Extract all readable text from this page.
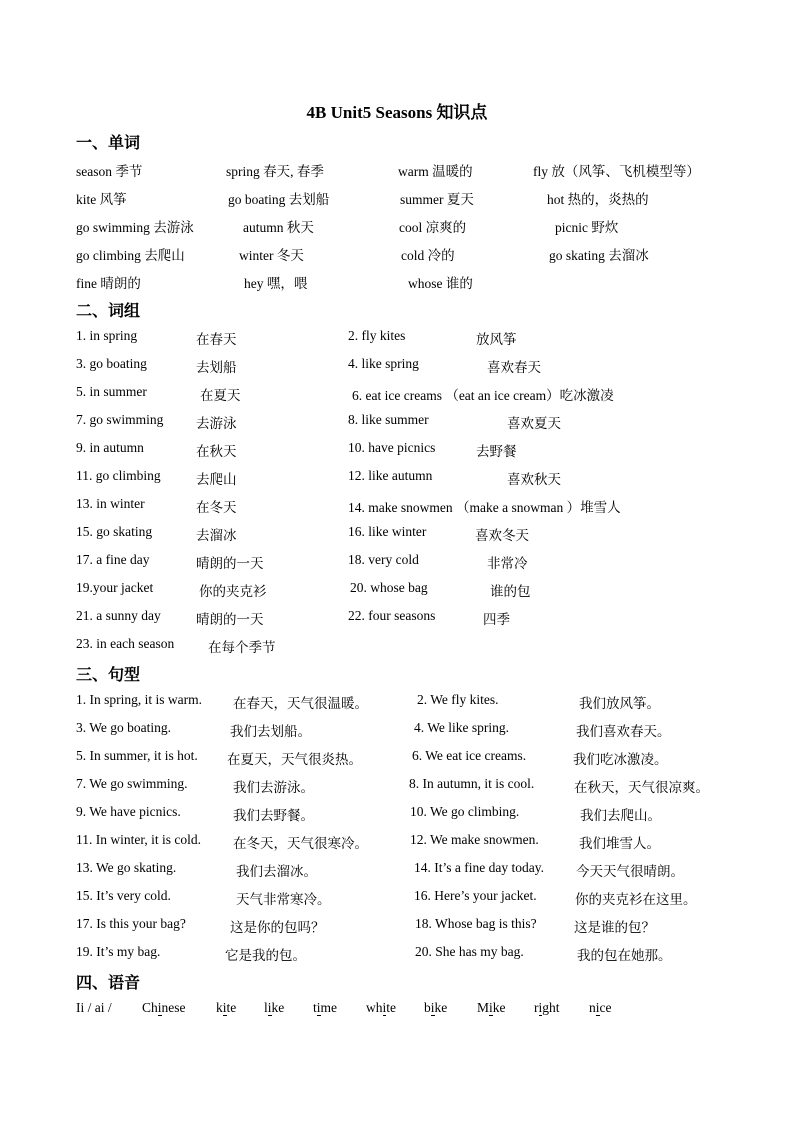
4B Unit5 Seasons 知识点
一、单词
season 季节	spring 春天, 春季	warm 温暖的	fly 放（风筝、飞机模型等）
kite 风筝	go boating 去划船	summer 夏天	hot 热的，炎热的
go swimming 去游泳	autumn 秋天	cool 凉爽的	picnic 野炊
go climbing 去爬山	winter 冬天	cold 冷的	go skating 去溜冰
fine 晴朗的	hey 嘿，喂	whose 谁的
二、词组
1. in spring	在春天	2. fly kites	放风筝
3. go boating	去划船	4. like spring	喜欢春天
5. in summer	在夏天	6. eat ice creams （eat an ice cream）吃冰激凌
7. go swimming 去游泳	8. like summer	喜欢夏天
9. in autumn	在秋天	10. have picnics	去野餐
11. go climbing	去爬山	12. like autumn	喜欢秋天
13. in winter	在冬天	14. make snowmen （make a snowman ）堆雪人
15. go skating	去溜冰	16. like winter	喜欢冬天
17. a fine day	晴朗的一天	18. very cold	非常冷
19.your jacket	你的夹克衫	20. whose bag	谁的包
21. a sunny day	晴朗的一天	22. four seasons	四季
23. in each season	在每个季节
三、句型
1. In spring, it is warm. 在春天，天气很温暖。	2. We fly kites.	我们放风筝。
3. We go boating.	我们去划船。	4. We like spring.	我们喜欢春天。
5. In summer, it is hot. 在夏天，天气很炎热。	6. We eat ice creams.	我们吃冰激凌。
7. We go swimming.	我们去游泳。	8. In autumn, it is cool.	在秋天，天气很凉爽。
9. We have picnics.	我们去野餐。	10. We go climbing.	我们去爬山。
11. In winter, it is cold. 在冬天，天气很寒冷。	12. We make snowmen.	我们堆雪人。
13. We go skating.	我们去溜冰。	14. It’s a fine day today. 今天天气很晴朗。
15. It’s very cold.	天气非常寒冷。	16. Here’s your jacket.	你的夹克衫在这里。
17. Is this your bag?	这是你的包吗？	18. Whose bag is this?	这是谁的包？
19. It’s my bag.	它是我的包。	20. She has my bag.	我的包在她那。
四、语音
Ii / ai / Chinese kite like time white bike Mike right nice
